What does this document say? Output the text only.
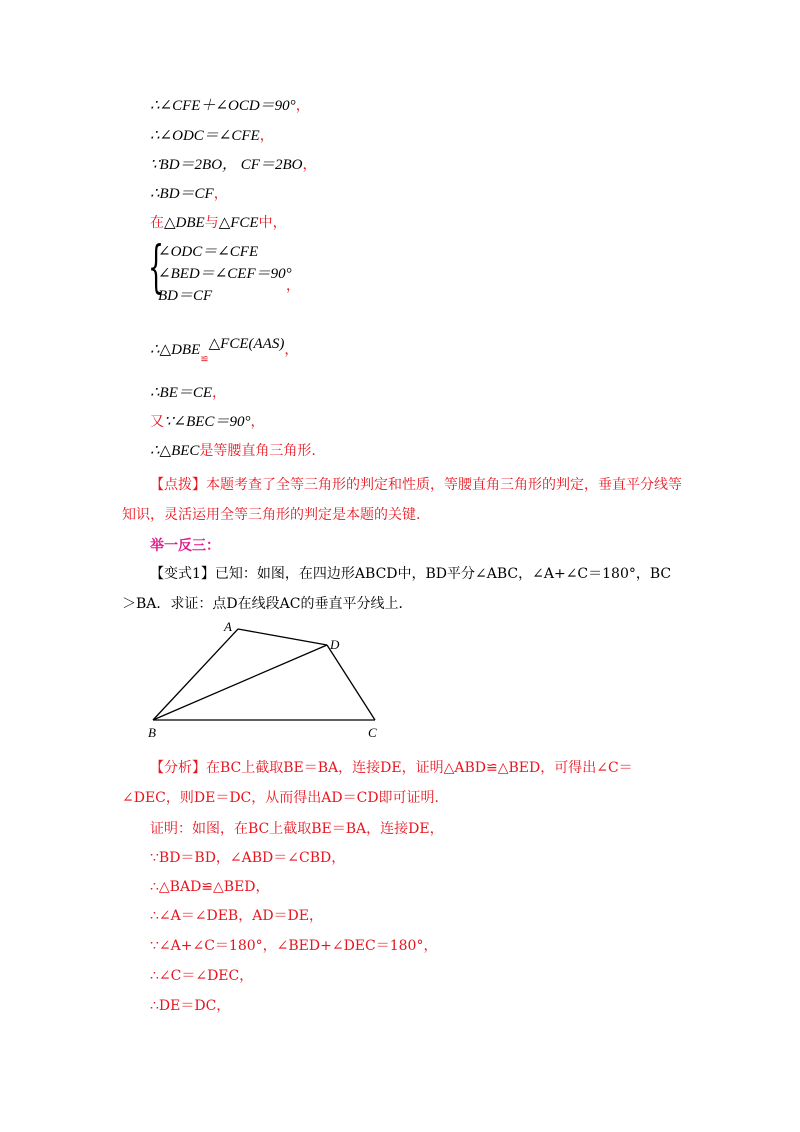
∴∠CFE＋∠OCD＝90°，
∴∠ODC＝∠CFE，
∵BD＝2BO， CF＝2BO，
∴BD＝CF，
在△DBE与△FCE中，
{
∠ODC＝∠CFE
∠BED＝∠CEF＝90°
BD＝CF
，
$\therefore\triangle DBE_≌\triangle FCE(AAS)$，
∴BE＝CE，
又∵∠BEC＝90°，
∴△BEC是等腰直角三角形.
【点拨】本题考查了全等三角形的判定和性质，等腰直角三角形的判定，垂直平分线等知识，灵活运用全等三角形的判定是本题的关键.
举一反三：
【变式1】已知：如图，在四边形ABCD中，BD平分∠ABC，∠A+∠C＝180°，BC＞BA．求证：点D在线段AC的垂直平分线上．
A
D
B	C
【分析】在BC上截取BE＝BA，连接DE，证明△ABD≌△BED，可得出∠C＝∠DEC，则DE＝DC，从而得出AD＝CD即可证明.
证明：如图，在BC上截取BE＝BA，连接DE，
∵BD＝BD，∠ABD＝∠CBD，
∴△BAD≌△BED，
∴∠A＝∠DEB，AD＝DE，
∵∠A+∠C＝180°，∠BED+∠DEC＝180°，
∴∠C＝∠DEC，
∴DE＝DC，
